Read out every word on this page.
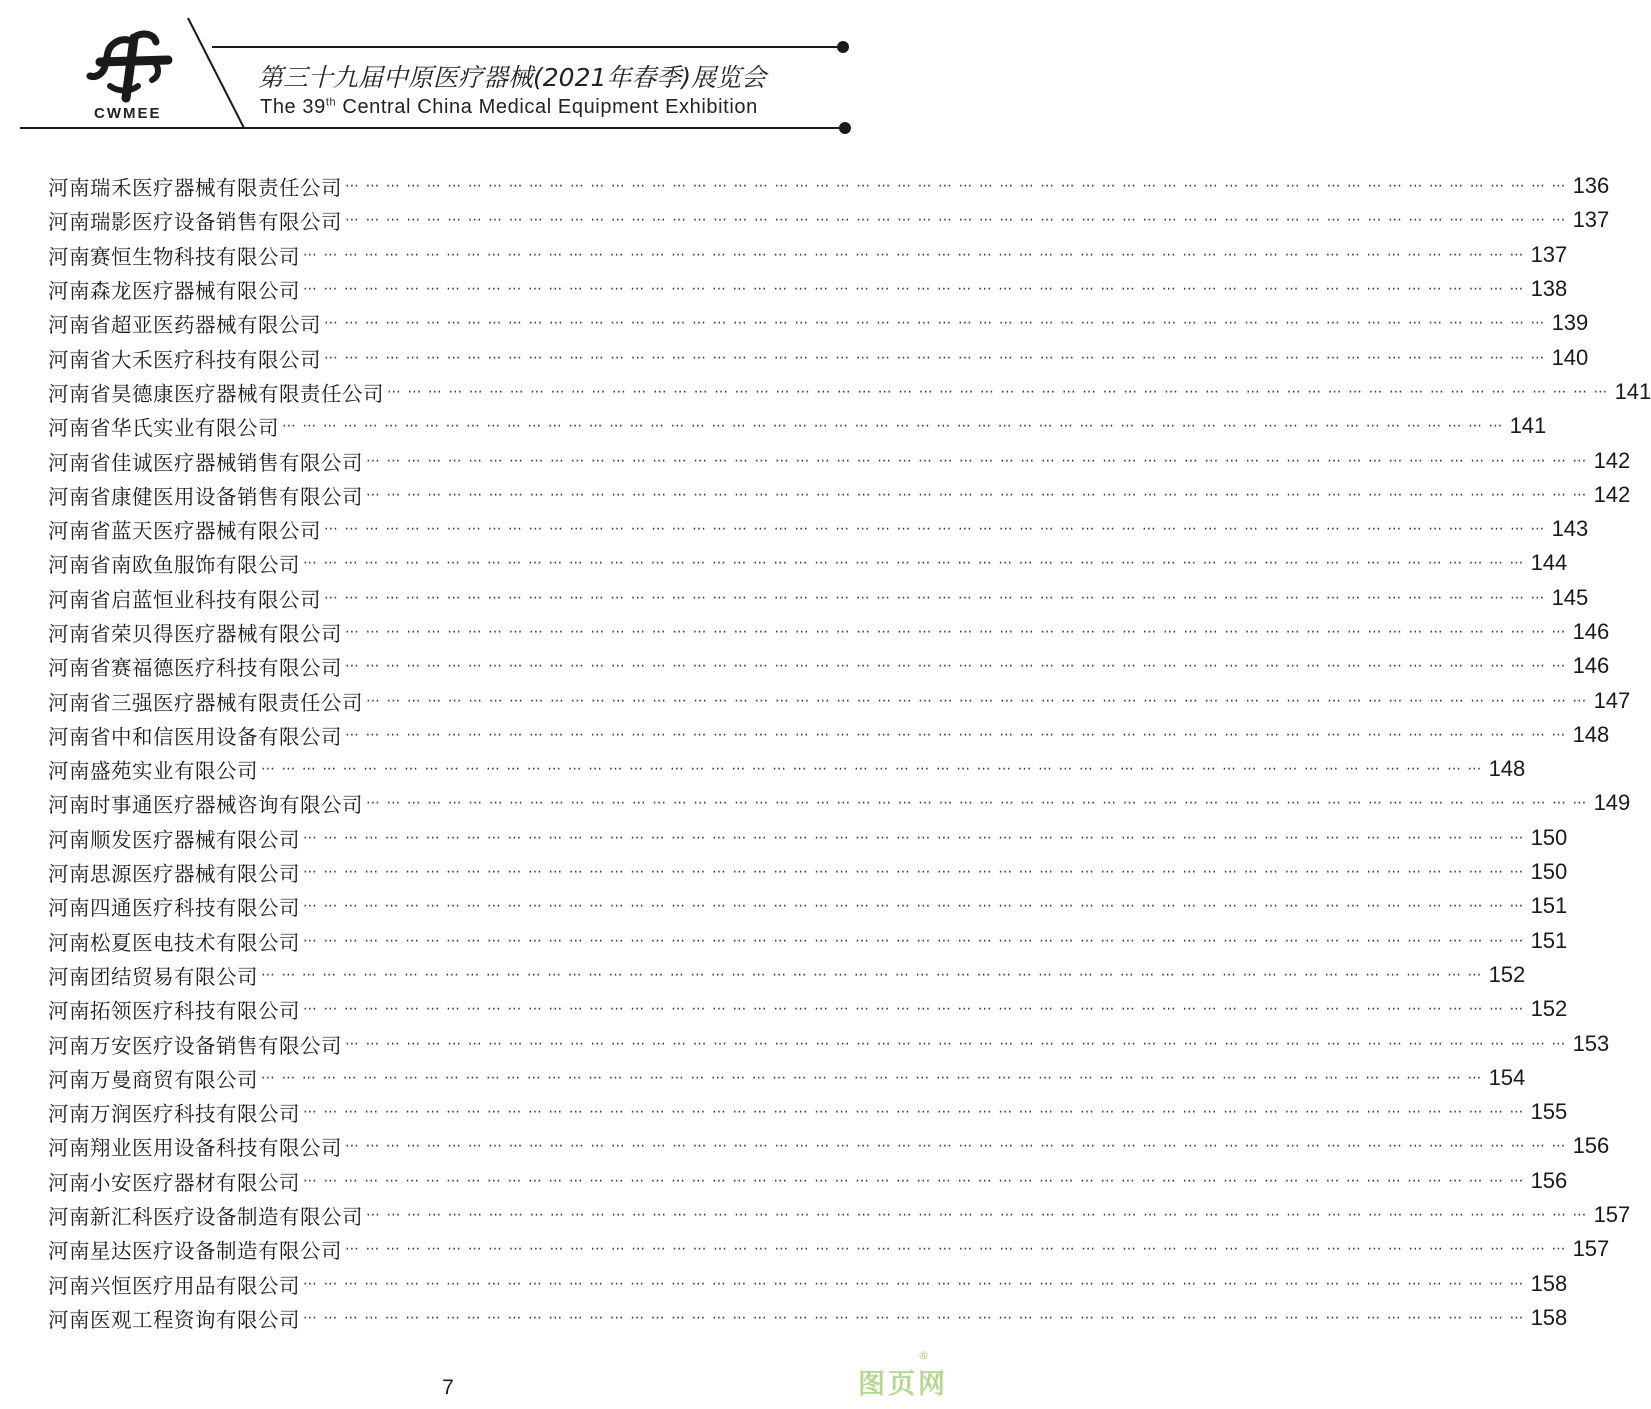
CWMEE
第三十九届中原医疗器械(2021年春季)展览会
The 39th Central China Medical Equipment Exhibition
河南瑞禾医疗器械有限责任公司 ⋯ ⋯ ⋯ ⋯ ⋯ ⋯ ⋯ ⋯ ⋯ ⋯ ⋯ ⋯ ⋯ ⋯ ⋯ ⋯ ⋯ ⋯ ⋯ ⋯ ⋯ ⋯ ⋯ ⋯ ⋯ ⋯ ⋯ ⋯ ⋯ ⋯ ⋯ ⋯ ⋯ ⋯ ⋯ ⋯ ⋯ ⋯ ⋯ ⋯ ⋯ ⋯ ⋯ ⋯ ⋯ ⋯ ⋯ ⋯ ⋯ ⋯ ⋯ ⋯ ⋯ ⋯ ⋯ ⋯ ⋯ ⋯ ⋯ ⋯ 136
河南瑞影医疗设备销售有限公司 ⋯ ⋯ ⋯ ⋯ ⋯ ⋯ ⋯ ⋯ ⋯ ⋯ ⋯ ⋯ ⋯ ⋯ ⋯ ⋯ ⋯ ⋯ ⋯ ⋯ ⋯ ⋯ ⋯ ⋯ ⋯ ⋯ ⋯ ⋯ ⋯ ⋯ ⋯ ⋯ ⋯ ⋯ ⋯ ⋯ ⋯ ⋯ ⋯ ⋯ ⋯ ⋯ ⋯ ⋯ ⋯ ⋯ ⋯ ⋯ ⋯ ⋯ ⋯ ⋯ ⋯ ⋯ ⋯ ⋯ ⋯ ⋯ ⋯ ⋯ 137
河南赛恒生物科技有限公司 ⋯ ⋯ ⋯ ⋯ ⋯ ⋯ ⋯ ⋯ ⋯ ⋯ ⋯ ⋯ ⋯ ⋯ ⋯ ⋯ ⋯ ⋯ ⋯ ⋯ ⋯ ⋯ ⋯ ⋯ ⋯ ⋯ ⋯ ⋯ ⋯ ⋯ ⋯ ⋯ ⋯ ⋯ ⋯ ⋯ ⋯ ⋯ ⋯ ⋯ ⋯ ⋯ ⋯ ⋯ ⋯ ⋯ ⋯ ⋯ ⋯ ⋯ ⋯ ⋯ ⋯ ⋯ ⋯ ⋯ ⋯ ⋯ ⋯ ⋯ 137
河南森龙医疗器械有限公司 ⋯ ⋯ ⋯ ⋯ ⋯ ⋯ ⋯ ⋯ ⋯ ⋯ ⋯ ⋯ ⋯ ⋯ ⋯ ⋯ ⋯ ⋯ ⋯ ⋯ ⋯ ⋯ ⋯ ⋯ ⋯ ⋯ ⋯ ⋯ ⋯ ⋯ ⋯ ⋯ ⋯ ⋯ ⋯ ⋯ ⋯ ⋯ ⋯ ⋯ ⋯ ⋯ ⋯ ⋯ ⋯ ⋯ ⋯ ⋯ ⋯ ⋯ ⋯ ⋯ ⋯ ⋯ ⋯ ⋯ ⋯ ⋯ ⋯ ⋯ 138
河南省超亚医药器械有限公司 ⋯ ⋯ ⋯ ⋯ ⋯ ⋯ ⋯ ⋯ ⋯ ⋯ ⋯ ⋯ ⋯ ⋯ ⋯ ⋯ ⋯ ⋯ ⋯ ⋯ ⋯ ⋯ ⋯ ⋯ ⋯ ⋯ ⋯ ⋯ ⋯ ⋯ ⋯ ⋯ ⋯ ⋯ ⋯ ⋯ ⋯ ⋯ ⋯ ⋯ ⋯ ⋯ ⋯ ⋯ ⋯ ⋯ ⋯ ⋯ ⋯ ⋯ ⋯ ⋯ ⋯ ⋯ ⋯ ⋯ ⋯ ⋯ ⋯ ⋯ 139
河南省大禾医疗科技有限公司 ⋯ ⋯ ⋯ ⋯ ⋯ ⋯ ⋯ ⋯ ⋯ ⋯ ⋯ ⋯ ⋯ ⋯ ⋯ ⋯ ⋯ ⋯ ⋯ ⋯ ⋯ ⋯ ⋯ ⋯ ⋯ ⋯ ⋯ ⋯ ⋯ ⋯ ⋯ ⋯ ⋯ ⋯ ⋯ ⋯ ⋯ ⋯ ⋯ ⋯ ⋯ ⋯ ⋯ ⋯ ⋯ ⋯ ⋯ ⋯ ⋯ ⋯ ⋯ ⋯ ⋯ ⋯ ⋯ ⋯ ⋯ ⋯ ⋯ ⋯ 140
河南省昊德康医疗器械有限责任公司 ⋯ ⋯ ⋯ ⋯ ⋯ ⋯ ⋯ ⋯ ⋯ ⋯ ⋯ ⋯ ⋯ ⋯ ⋯ ⋯ ⋯ ⋯ ⋯ ⋯ ⋯ ⋯ ⋯ ⋯ ⋯ ⋯ ⋯ ⋯ ⋯ ⋯ ⋯ ⋯ ⋯ ⋯ ⋯ ⋯ ⋯ ⋯ ⋯ ⋯ ⋯ ⋯ ⋯ ⋯ ⋯ ⋯ ⋯ ⋯ ⋯ ⋯ ⋯ ⋯ ⋯ ⋯ ⋯ ⋯ ⋯ ⋯ ⋯ ⋯ 141
河南省华氏实业有限公司 ⋯ ⋯ ⋯ ⋯ ⋯ ⋯ ⋯ ⋯ ⋯ ⋯ ⋯ ⋯ ⋯ ⋯ ⋯ ⋯ ⋯ ⋯ ⋯ ⋯ ⋯ ⋯ ⋯ ⋯ ⋯ ⋯ ⋯ ⋯ ⋯ ⋯ ⋯ ⋯ ⋯ ⋯ ⋯ ⋯ ⋯ ⋯ ⋯ ⋯ ⋯ ⋯ ⋯ ⋯ ⋯ ⋯ ⋯ ⋯ ⋯ ⋯ ⋯ ⋯ ⋯ ⋯ ⋯ ⋯ ⋯ ⋯ ⋯ ⋯ 141
河南省佳诚医疗器械销售有限公司 ⋯ ⋯ ⋯ ⋯ ⋯ ⋯ ⋯ ⋯ ⋯ ⋯ ⋯ ⋯ ⋯ ⋯ ⋯ ⋯ ⋯ ⋯ ⋯ ⋯ ⋯ ⋯ ⋯ ⋯ ⋯ ⋯ ⋯ ⋯ ⋯ ⋯ ⋯ ⋯ ⋯ ⋯ ⋯ ⋯ ⋯ ⋯ ⋯ ⋯ ⋯ ⋯ ⋯ ⋯ ⋯ ⋯ ⋯ ⋯ ⋯ ⋯ ⋯ ⋯ ⋯ ⋯ ⋯ ⋯ ⋯ ⋯ ⋯ ⋯ 142
河南省康健医用设备销售有限公司 ⋯ ⋯ ⋯ ⋯ ⋯ ⋯ ⋯ ⋯ ⋯ ⋯ ⋯ ⋯ ⋯ ⋯ ⋯ ⋯ ⋯ ⋯ ⋯ ⋯ ⋯ ⋯ ⋯ ⋯ ⋯ ⋯ ⋯ ⋯ ⋯ ⋯ ⋯ ⋯ ⋯ ⋯ ⋯ ⋯ ⋯ ⋯ ⋯ ⋯ ⋯ ⋯ ⋯ ⋯ ⋯ ⋯ ⋯ ⋯ ⋯ ⋯ ⋯ ⋯ ⋯ ⋯ ⋯ ⋯ ⋯ ⋯ ⋯ ⋯ 142
河南省蓝天医疗器械有限公司 ⋯ ⋯ ⋯ ⋯ ⋯ ⋯ ⋯ ⋯ ⋯ ⋯ ⋯ ⋯ ⋯ ⋯ ⋯ ⋯ ⋯ ⋯ ⋯ ⋯ ⋯ ⋯ ⋯ ⋯ ⋯ ⋯ ⋯ ⋯ ⋯ ⋯ ⋯ ⋯ ⋯ ⋯ ⋯ ⋯ ⋯ ⋯ ⋯ ⋯ ⋯ ⋯ ⋯ ⋯ ⋯ ⋯ ⋯ ⋯ ⋯ ⋯ ⋯ ⋯ ⋯ ⋯ ⋯ ⋯ ⋯ ⋯ ⋯ ⋯ 143
河南省南欧鱼服饰有限公司 ⋯ ⋯ ⋯ ⋯ ⋯ ⋯ ⋯ ⋯ ⋯ ⋯ ⋯ ⋯ ⋯ ⋯ ⋯ ⋯ ⋯ ⋯ ⋯ ⋯ ⋯ ⋯ ⋯ ⋯ ⋯ ⋯ ⋯ ⋯ ⋯ ⋯ ⋯ ⋯ ⋯ ⋯ ⋯ ⋯ ⋯ ⋯ ⋯ ⋯ ⋯ ⋯ ⋯ ⋯ ⋯ ⋯ ⋯ ⋯ ⋯ ⋯ ⋯ ⋯ ⋯ ⋯ ⋯ ⋯ ⋯ ⋯ ⋯ ⋯ 144
河南省启蓝恒业科技有限公司 ⋯ ⋯ ⋯ ⋯ ⋯ ⋯ ⋯ ⋯ ⋯ ⋯ ⋯ ⋯ ⋯ ⋯ ⋯ ⋯ ⋯ ⋯ ⋯ ⋯ ⋯ ⋯ ⋯ ⋯ ⋯ ⋯ ⋯ ⋯ ⋯ ⋯ ⋯ ⋯ ⋯ ⋯ ⋯ ⋯ ⋯ ⋯ ⋯ ⋯ ⋯ ⋯ ⋯ ⋯ ⋯ ⋯ ⋯ ⋯ ⋯ ⋯ ⋯ ⋯ ⋯ ⋯ ⋯ ⋯ ⋯ ⋯ ⋯ ⋯ 145
河南省荣贝得医疗器械有限公司 ⋯ ⋯ ⋯ ⋯ ⋯ ⋯ ⋯ ⋯ ⋯ ⋯ ⋯ ⋯ ⋯ ⋯ ⋯ ⋯ ⋯ ⋯ ⋯ ⋯ ⋯ ⋯ ⋯ ⋯ ⋯ ⋯ ⋯ ⋯ ⋯ ⋯ ⋯ ⋯ ⋯ ⋯ ⋯ ⋯ ⋯ ⋯ ⋯ ⋯ ⋯ ⋯ ⋯ ⋯ ⋯ ⋯ ⋯ ⋯ ⋯ ⋯ ⋯ ⋯ ⋯ ⋯ ⋯ ⋯ ⋯ ⋯ ⋯ ⋯ 146
河南省赛福德医疗科技有限公司 ⋯ ⋯ ⋯ ⋯ ⋯ ⋯ ⋯ ⋯ ⋯ ⋯ ⋯ ⋯ ⋯ ⋯ ⋯ ⋯ ⋯ ⋯ ⋯ ⋯ ⋯ ⋯ ⋯ ⋯ ⋯ ⋯ ⋯ ⋯ ⋯ ⋯ ⋯ ⋯ ⋯ ⋯ ⋯ ⋯ ⋯ ⋯ ⋯ ⋯ ⋯ ⋯ ⋯ ⋯ ⋯ ⋯ ⋯ ⋯ ⋯ ⋯ ⋯ ⋯ ⋯ ⋯ ⋯ ⋯ ⋯ ⋯ ⋯ ⋯ 146
河南省三强医疗器械有限责任公司 ⋯ ⋯ ⋯ ⋯ ⋯ ⋯ ⋯ ⋯ ⋯ ⋯ ⋯ ⋯ ⋯ ⋯ ⋯ ⋯ ⋯ ⋯ ⋯ ⋯ ⋯ ⋯ ⋯ ⋯ ⋯ ⋯ ⋯ ⋯ ⋯ ⋯ ⋯ ⋯ ⋯ ⋯ ⋯ ⋯ ⋯ ⋯ ⋯ ⋯ ⋯ ⋯ ⋯ ⋯ ⋯ ⋯ ⋯ ⋯ ⋯ ⋯ ⋯ ⋯ ⋯ ⋯ ⋯ ⋯ ⋯ ⋯ ⋯ ⋯ 147
河南省中和信医用设备有限公司 ⋯ ⋯ ⋯ ⋯ ⋯ ⋯ ⋯ ⋯ ⋯ ⋯ ⋯ ⋯ ⋯ ⋯ ⋯ ⋯ ⋯ ⋯ ⋯ ⋯ ⋯ ⋯ ⋯ ⋯ ⋯ ⋯ ⋯ ⋯ ⋯ ⋯ ⋯ ⋯ ⋯ ⋯ ⋯ ⋯ ⋯ ⋯ ⋯ ⋯ ⋯ ⋯ ⋯ ⋯ ⋯ ⋯ ⋯ ⋯ ⋯ ⋯ ⋯ ⋯ ⋯ ⋯ ⋯ ⋯ ⋯ ⋯ ⋯ ⋯ 148
河南盛苑实业有限公司 ⋯ ⋯ ⋯ ⋯ ⋯ ⋯ ⋯ ⋯ ⋯ ⋯ ⋯ ⋯ ⋯ ⋯ ⋯ ⋯ ⋯ ⋯ ⋯ ⋯ ⋯ ⋯ ⋯ ⋯ ⋯ ⋯ ⋯ ⋯ ⋯ ⋯ ⋯ ⋯ ⋯ ⋯ ⋯ ⋯ ⋯ ⋯ ⋯ ⋯ ⋯ ⋯ ⋯ ⋯ ⋯ ⋯ ⋯ ⋯ ⋯ ⋯ ⋯ ⋯ ⋯ ⋯ ⋯ ⋯ ⋯ ⋯ ⋯ ⋯ 148
河南时事通医疗器械咨询有限公司 ⋯ ⋯ ⋯ ⋯ ⋯ ⋯ ⋯ ⋯ ⋯ ⋯ ⋯ ⋯ ⋯ ⋯ ⋯ ⋯ ⋯ ⋯ ⋯ ⋯ ⋯ ⋯ ⋯ ⋯ ⋯ ⋯ ⋯ ⋯ ⋯ ⋯ ⋯ ⋯ ⋯ ⋯ ⋯ ⋯ ⋯ ⋯ ⋯ ⋯ ⋯ ⋯ ⋯ ⋯ ⋯ ⋯ ⋯ ⋯ ⋯ ⋯ ⋯ ⋯ ⋯ ⋯ ⋯ ⋯ ⋯ ⋯ ⋯ ⋯ 149
河南顺发医疗器械有限公司 ⋯ ⋯ ⋯ ⋯ ⋯ ⋯ ⋯ ⋯ ⋯ ⋯ ⋯ ⋯ ⋯ ⋯ ⋯ ⋯ ⋯ ⋯ ⋯ ⋯ ⋯ ⋯ ⋯ ⋯ ⋯ ⋯ ⋯ ⋯ ⋯ ⋯ ⋯ ⋯ ⋯ ⋯ ⋯ ⋯ ⋯ ⋯ ⋯ ⋯ ⋯ ⋯ ⋯ ⋯ ⋯ ⋯ ⋯ ⋯ ⋯ ⋯ ⋯ ⋯ ⋯ ⋯ ⋯ ⋯ ⋯ ⋯ ⋯ ⋯ 150
河南思源医疗器械有限公司 ⋯ ⋯ ⋯ ⋯ ⋯ ⋯ ⋯ ⋯ ⋯ ⋯ ⋯ ⋯ ⋯ ⋯ ⋯ ⋯ ⋯ ⋯ ⋯ ⋯ ⋯ ⋯ ⋯ ⋯ ⋯ ⋯ ⋯ ⋯ ⋯ ⋯ ⋯ ⋯ ⋯ ⋯ ⋯ ⋯ ⋯ ⋯ ⋯ ⋯ ⋯ ⋯ ⋯ ⋯ ⋯ ⋯ ⋯ ⋯ ⋯ ⋯ ⋯ ⋯ ⋯ ⋯ ⋯ ⋯ ⋯ ⋯ ⋯ ⋯ 150
河南四通医疗科技有限公司 ⋯ ⋯ ⋯ ⋯ ⋯ ⋯ ⋯ ⋯ ⋯ ⋯ ⋯ ⋯ ⋯ ⋯ ⋯ ⋯ ⋯ ⋯ ⋯ ⋯ ⋯ ⋯ ⋯ ⋯ ⋯ ⋯ ⋯ ⋯ ⋯ ⋯ ⋯ ⋯ ⋯ ⋯ ⋯ ⋯ ⋯ ⋯ ⋯ ⋯ ⋯ ⋯ ⋯ ⋯ ⋯ ⋯ ⋯ ⋯ ⋯ ⋯ ⋯ ⋯ ⋯ ⋯ ⋯ ⋯ ⋯ ⋯ ⋯ ⋯ 151
河南松夏医电技术有限公司 ⋯ ⋯ ⋯ ⋯ ⋯ ⋯ ⋯ ⋯ ⋯ ⋯ ⋯ ⋯ ⋯ ⋯ ⋯ ⋯ ⋯ ⋯ ⋯ ⋯ ⋯ ⋯ ⋯ ⋯ ⋯ ⋯ ⋯ ⋯ ⋯ ⋯ ⋯ ⋯ ⋯ ⋯ ⋯ ⋯ ⋯ ⋯ ⋯ ⋯ ⋯ ⋯ ⋯ ⋯ ⋯ ⋯ ⋯ ⋯ ⋯ ⋯ ⋯ ⋯ ⋯ ⋯ ⋯ ⋯ ⋯ ⋯ ⋯ ⋯ 151
河南团结贸易有限公司 ⋯ ⋯ ⋯ ⋯ ⋯ ⋯ ⋯ ⋯ ⋯ ⋯ ⋯ ⋯ ⋯ ⋯ ⋯ ⋯ ⋯ ⋯ ⋯ ⋯ ⋯ ⋯ ⋯ ⋯ ⋯ ⋯ ⋯ ⋯ ⋯ ⋯ ⋯ ⋯ ⋯ ⋯ ⋯ ⋯ ⋯ ⋯ ⋯ ⋯ ⋯ ⋯ ⋯ ⋯ ⋯ ⋯ ⋯ ⋯ ⋯ ⋯ ⋯ ⋯ ⋯ ⋯ ⋯ ⋯ ⋯ ⋯ ⋯ ⋯ 152
河南拓领医疗科技有限公司 ⋯ ⋯ ⋯ ⋯ ⋯ ⋯ ⋯ ⋯ ⋯ ⋯ ⋯ ⋯ ⋯ ⋯ ⋯ ⋯ ⋯ ⋯ ⋯ ⋯ ⋯ ⋯ ⋯ ⋯ ⋯ ⋯ ⋯ ⋯ ⋯ ⋯ ⋯ ⋯ ⋯ ⋯ ⋯ ⋯ ⋯ ⋯ ⋯ ⋯ ⋯ ⋯ ⋯ ⋯ ⋯ ⋯ ⋯ ⋯ ⋯ ⋯ ⋯ ⋯ ⋯ ⋯ ⋯ ⋯ ⋯ ⋯ ⋯ ⋯ 152
河南万安医疗设备销售有限公司 ⋯ ⋯ ⋯ ⋯ ⋯ ⋯ ⋯ ⋯ ⋯ ⋯ ⋯ ⋯ ⋯ ⋯ ⋯ ⋯ ⋯ ⋯ ⋯ ⋯ ⋯ ⋯ ⋯ ⋯ ⋯ ⋯ ⋯ ⋯ ⋯ ⋯ ⋯ ⋯ ⋯ ⋯ ⋯ ⋯ ⋯ ⋯ ⋯ ⋯ ⋯ ⋯ ⋯ ⋯ ⋯ ⋯ ⋯ ⋯ ⋯ ⋯ ⋯ ⋯ ⋯ ⋯ ⋯ ⋯ ⋯ ⋯ ⋯ ⋯ 153
河南万曼商贸有限公司 ⋯ ⋯ ⋯ ⋯ ⋯ ⋯ ⋯ ⋯ ⋯ ⋯ ⋯ ⋯ ⋯ ⋯ ⋯ ⋯ ⋯ ⋯ ⋯ ⋯ ⋯ ⋯ ⋯ ⋯ ⋯ ⋯ ⋯ ⋯ ⋯ ⋯ ⋯ ⋯ ⋯ ⋯ ⋯ ⋯ ⋯ ⋯ ⋯ ⋯ ⋯ ⋯ ⋯ ⋯ ⋯ ⋯ ⋯ ⋯ ⋯ ⋯ ⋯ ⋯ ⋯ ⋯ ⋯ ⋯ ⋯ ⋯ ⋯ ⋯ 154
河南万润医疗科技有限公司 ⋯ ⋯ ⋯ ⋯ ⋯ ⋯ ⋯ ⋯ ⋯ ⋯ ⋯ ⋯ ⋯ ⋯ ⋯ ⋯ ⋯ ⋯ ⋯ ⋯ ⋯ ⋯ ⋯ ⋯ ⋯ ⋯ ⋯ ⋯ ⋯ ⋯ ⋯ ⋯ ⋯ ⋯ ⋯ ⋯ ⋯ ⋯ ⋯ ⋯ ⋯ ⋯ ⋯ ⋯ ⋯ ⋯ ⋯ ⋯ ⋯ ⋯ ⋯ ⋯ ⋯ ⋯ ⋯ ⋯ ⋯ ⋯ ⋯ ⋯ 155
河南翔业医用设备科技有限公司 ⋯ ⋯ ⋯ ⋯ ⋯ ⋯ ⋯ ⋯ ⋯ ⋯ ⋯ ⋯ ⋯ ⋯ ⋯ ⋯ ⋯ ⋯ ⋯ ⋯ ⋯ ⋯ ⋯ ⋯ ⋯ ⋯ ⋯ ⋯ ⋯ ⋯ ⋯ ⋯ ⋯ ⋯ ⋯ ⋯ ⋯ ⋯ ⋯ ⋯ ⋯ ⋯ ⋯ ⋯ ⋯ ⋯ ⋯ ⋯ ⋯ ⋯ ⋯ ⋯ ⋯ ⋯ ⋯ ⋯ ⋯ ⋯ ⋯ ⋯ 156
河南小安医疗器材有限公司 ⋯ ⋯ ⋯ ⋯ ⋯ ⋯ ⋯ ⋯ ⋯ ⋯ ⋯ ⋯ ⋯ ⋯ ⋯ ⋯ ⋯ ⋯ ⋯ ⋯ ⋯ ⋯ ⋯ ⋯ ⋯ ⋯ ⋯ ⋯ ⋯ ⋯ ⋯ ⋯ ⋯ ⋯ ⋯ ⋯ ⋯ ⋯ ⋯ ⋯ ⋯ ⋯ ⋯ ⋯ ⋯ ⋯ ⋯ ⋯ ⋯ ⋯ ⋯ ⋯ ⋯ ⋯ ⋯ ⋯ ⋯ ⋯ ⋯ ⋯ 156
河南新汇科医疗设备制造有限公司 ⋯ ⋯ ⋯ ⋯ ⋯ ⋯ ⋯ ⋯ ⋯ ⋯ ⋯ ⋯ ⋯ ⋯ ⋯ ⋯ ⋯ ⋯ ⋯ ⋯ ⋯ ⋯ ⋯ ⋯ ⋯ ⋯ ⋯ ⋯ ⋯ ⋯ ⋯ ⋯ ⋯ ⋯ ⋯ ⋯ ⋯ ⋯ ⋯ ⋯ ⋯ ⋯ ⋯ ⋯ ⋯ ⋯ ⋯ ⋯ ⋯ ⋯ ⋯ ⋯ ⋯ ⋯ ⋯ ⋯ ⋯ ⋯ ⋯ ⋯ 157
河南星达医疗设备制造有限公司 ⋯ ⋯ ⋯ ⋯ ⋯ ⋯ ⋯ ⋯ ⋯ ⋯ ⋯ ⋯ ⋯ ⋯ ⋯ ⋯ ⋯ ⋯ ⋯ ⋯ ⋯ ⋯ ⋯ ⋯ ⋯ ⋯ ⋯ ⋯ ⋯ ⋯ ⋯ ⋯ ⋯ ⋯ ⋯ ⋯ ⋯ ⋯ ⋯ ⋯ ⋯ ⋯ ⋯ ⋯ ⋯ ⋯ ⋯ ⋯ ⋯ ⋯ ⋯ ⋯ ⋯ ⋯ ⋯ ⋯ ⋯ ⋯ ⋯ ⋯ 157
河南兴恒医疗用品有限公司 ⋯ ⋯ ⋯ ⋯ ⋯ ⋯ ⋯ ⋯ ⋯ ⋯ ⋯ ⋯ ⋯ ⋯ ⋯ ⋯ ⋯ ⋯ ⋯ ⋯ ⋯ ⋯ ⋯ ⋯ ⋯ ⋯ ⋯ ⋯ ⋯ ⋯ ⋯ ⋯ ⋯ ⋯ ⋯ ⋯ ⋯ ⋯ ⋯ ⋯ ⋯ ⋯ ⋯ ⋯ ⋯ ⋯ ⋯ ⋯ ⋯ ⋯ ⋯ ⋯ ⋯ ⋯ ⋯ ⋯ ⋯ ⋯ ⋯ ⋯ 158
河南医观工程资询有限公司 ⋯ ⋯ ⋯ ⋯ ⋯ ⋯ ⋯ ⋯ ⋯ ⋯ ⋯ ⋯ ⋯ ⋯ ⋯ ⋯ ⋯ ⋯ ⋯ ⋯ ⋯ ⋯ ⋯ ⋯ ⋯ ⋯ ⋯ ⋯ ⋯ ⋯ ⋯ ⋯ ⋯ ⋯ ⋯ ⋯ ⋯ ⋯ ⋯ ⋯ ⋯ ⋯ ⋯ ⋯ ⋯ ⋯ ⋯ ⋯ ⋯ ⋯ ⋯ ⋯ ⋯ ⋯ ⋯ ⋯ ⋯ ⋯ ⋯ ⋯ 158
7	图页网
®
